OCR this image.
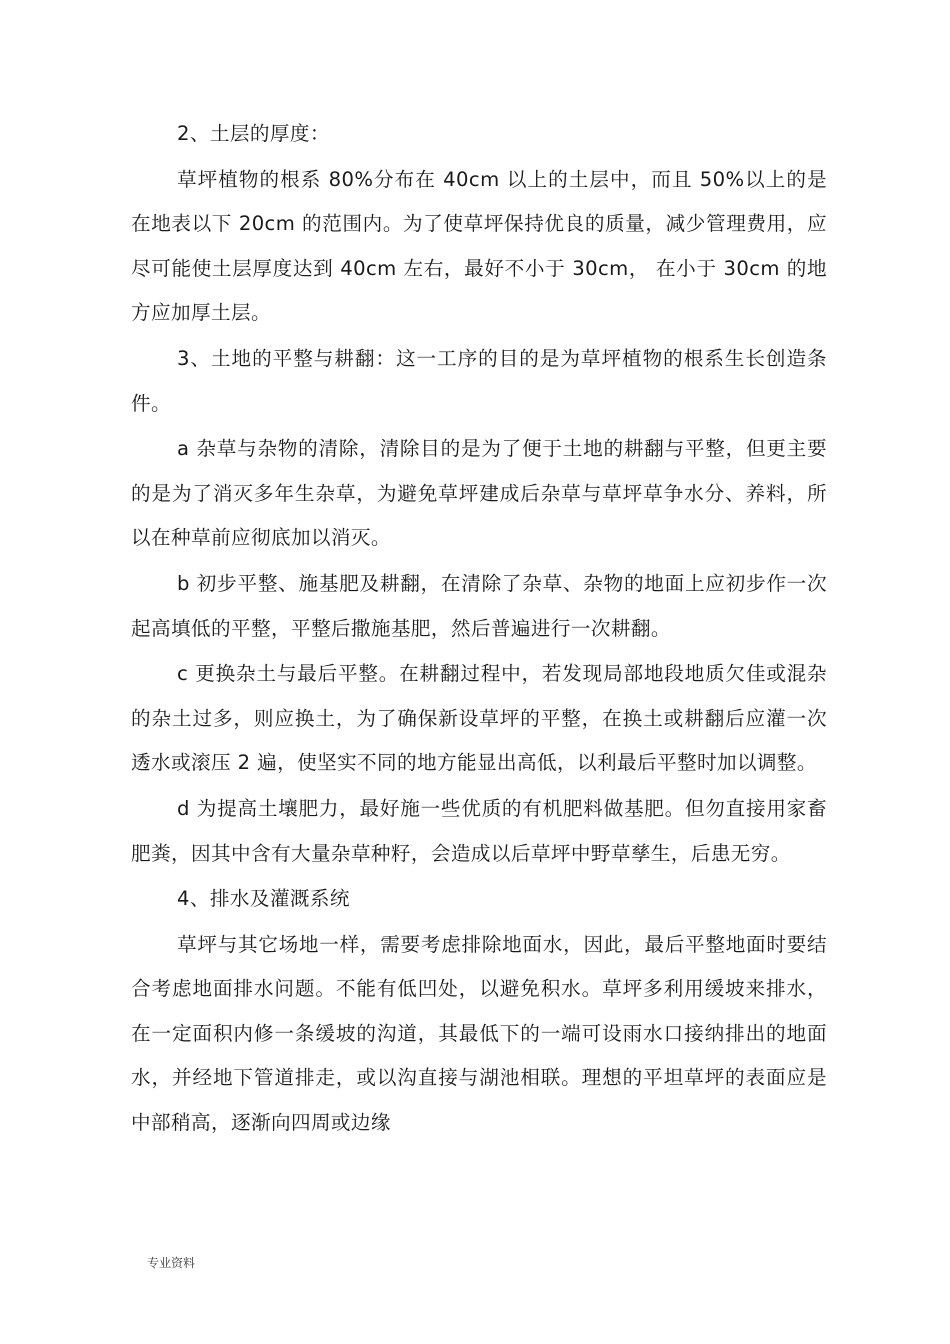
2、土层的厚度：

草坪植物的根系 80%分布在 40cm 以上的土层中，而且 50%以上的是在地表以下 20cm 的范围内。为了使草坪保持优良的质量，减少管理费用，应尽可能使土层厚度达到 40cm 左右，最好不小于 30cm， 在小于 30cm 的地方应加厚土层。

3、土地的平整与耕翻：这一工序的目的是为草坪植物的根系生长创造条件。

a 杂草与杂物的清除，清除目的是为了便于土地的耕翻与平整，但更主要的是为了消灭多年生杂草，为避免草坪建成后杂草与草坪草争水分、养料，所以在种草前应彻底加以消灭。

b 初步平整、施基肥及耕翻，在清除了杂草、杂物的地面上应初步作一次起高填低的平整，平整后撒施基肥，然后普遍进行一次耕翻。

c 更换杂土与最后平整。在耕翻过程中，若发现局部地段地质欠佳或混杂的杂土过多，则应换土，为了确保新设草坪的平整，在换土或耕翻后应灌一次透水或滚压 2 遍，使坚实不同的地方能显出高低，以利最后平整时加以调整。

d 为提高土壤肥力，最好施一些优质的有机肥料做基肥。但勿直接用家畜肥粪，因其中含有大量杂草种籽，会造成以后草坪中野草孳生，后患无穷。

4、排水及灌溉系统

草坪与其它场地一样，需要考虑排除地面水，因此，最后平整地面时要结合考虑地面排水问题。不能有低凹处，以避免积水。草坪多利用缓坡来排水，在一定面积内修一条缓坡的沟道，其最低下的一端可设雨水口接纳排出的地面水，并经地下管道排走，或以沟直接与湖池相联。理想的平坦草坪的表面应是中部稍高，逐渐向四周或边缘

专业资料
